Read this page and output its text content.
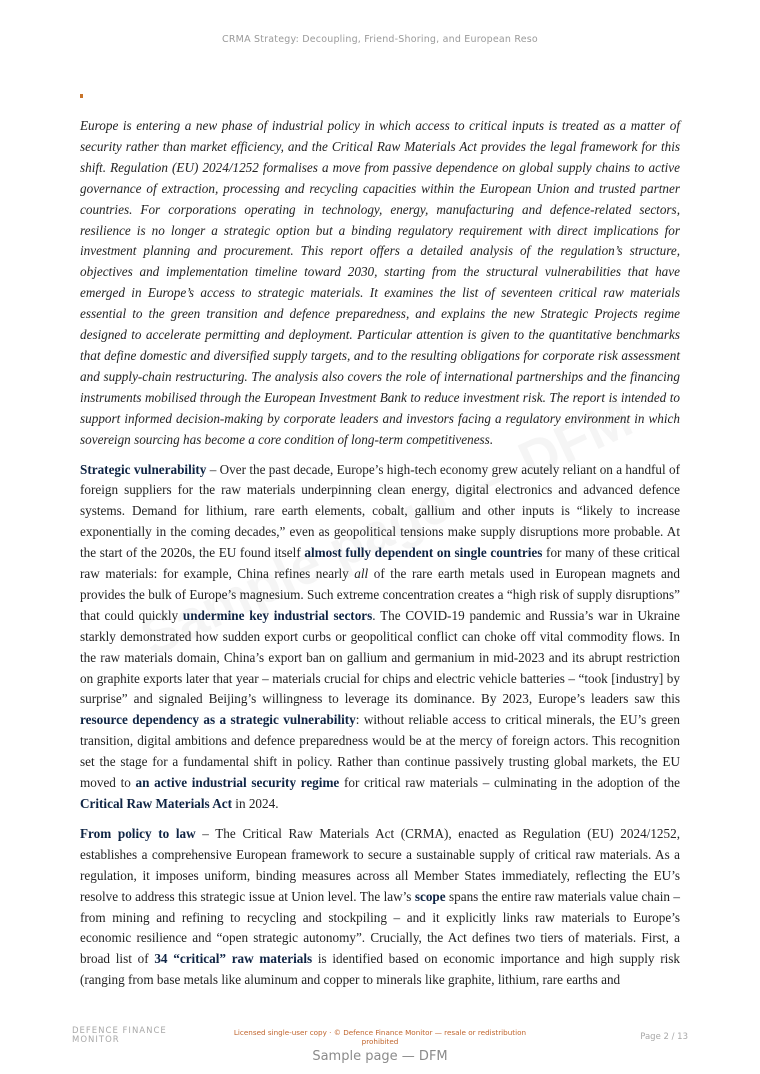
CRMA Strategy: Decoupling, Friend-Shoring, and European Reso

Europe is entering a new phase of industrial policy in which access to critical inputs is treated as a matter of security rather than market efficiency, and the Critical Raw Materials Act provides the legal framework for this shift. Regulation (EU) 2024/1252 formalises a move from passive dependence on global supply chains to active governance of extraction, processing and recycling capacities within the European Union and trusted partner countries. For corporations operating in technology, energy, manufacturing and defence-related sectors, resilience is no longer a strategic option but a binding regulatory requirement with direct implications for investment planning and procurement. This report offers a detailed analysis of the regulation’s structure, objectives and implementation timeline toward 2030, starting from the structural vulnerabilities that have emerged in Europe’s access to strategic materials. It examines the list of seventeen critical raw materials essential to the green transition and defence preparedness, and explains the new Strategic Projects regime designed to accelerate permitting and deployment. Particular attention is given to the quantitative benchmarks that define domestic and diversified supply targets, and to the resulting obligations for corporate risk assessment and supply-chain restructuring. The analysis also covers the role of international partnerships and the financing instruments mobilised through the European Investment Bank to reduce investment risk. The report is intended to support informed decision-making by corporate leaders and investors facing a regulatory environment in which sovereign sourcing has become a core condition of long-term competitiveness.

Strategic vulnerability – Over the past decade, Europe’s high-tech economy grew acutely reliant on a handful of foreign suppliers for the raw materials underpinning clean energy, digital electronics and advanced defence systems. Demand for lithium, rare earth elements, cobalt, gallium and other inputs is “likely to increase exponentially in the coming decades,” even as geopolitical tensions make supply disruptions more probable. At the start of the 2020s, the EU found itself almost fully dependent on single countries for many of these critical raw materials: for example, China refines nearly all of the rare earth metals used in European magnets and provides the bulk of Europe’s magnesium. Such extreme concentration creates a “high risk of supply disruptions” that could quickly undermine key industrial sectors. The COVID-19 pandemic and Russia’s war in Ukraine starkly demonstrated how sudden export curbs or geopolitical conflict can choke off vital commodity flows. In the raw materials domain, China’s export ban on gallium and germanium in mid-2023 and its abrupt restriction on graphite exports later that year – materials crucial for chips and electric vehicle batteries – “took [industry] by surprise” and signaled Beijing’s willingness to leverage its dominance. By 2023, Europe’s leaders saw this resource dependency as a strategic vulnerability: without reliable access to critical minerals, the EU’s green transition, digital ambitions and defence preparedness would be at the mercy of foreign actors. This recognition set the stage for a fundamental shift in policy. Rather than continue passively trusting global markets, the EU moved to an active industrial security regime for critical raw materials – culminating in the adoption of the Critical Raw Materials Act in 2024.

From policy to law – The Critical Raw Materials Act (CRMA), enacted as Regulation (EU) 2024/1252, establishes a comprehensive European framework to secure a sustainable supply of critical raw materials. As a regulation, it imposes uniform, binding measures across all Member States immediately, reflecting the EU’s resolve to address this strategic issue at Union level. The law’s scope spans the entire raw materials value chain – from mining and refining to recycling and stockpiling – and it explicitly links raw materials to Europe’s economic resilience and “open strategic autonomy”. Crucially, the Act defines two tiers of materials. First, a broad list of 34 “critical” raw materials is identified based on economic importance and high supply risk (ranging from base metals like aluminum and copper to minerals like graphite, lithium, rare earths and

DEFENCE FINANCE
MONITOR
Licensed single-user copy · © Defence Finance Monitor — resale or redistribution prohibited	Page 2 / 13
Sample page — DFM
